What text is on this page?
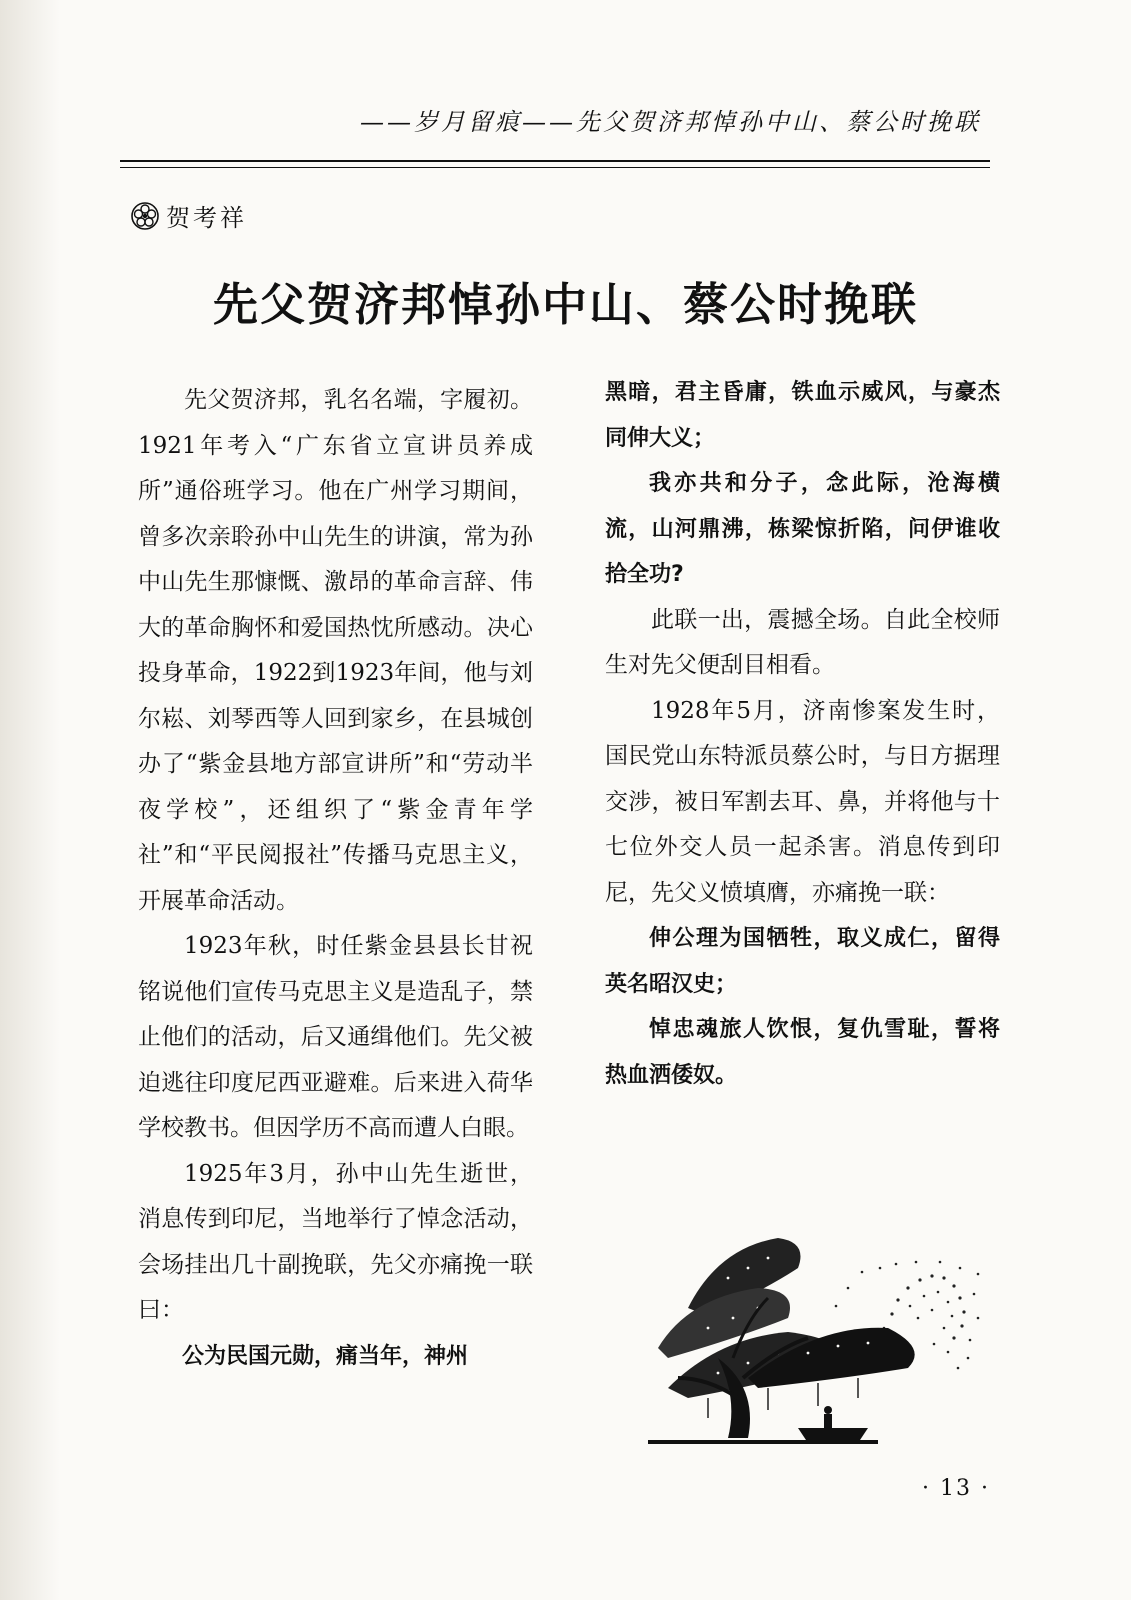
——岁月留痕——先父贺济邦悼孙中山、蔡公时挽联
贺考祥
先父贺济邦悼孙中山、蔡公时挽联

先父贺济邦，乳名名端，字履初。1921年考入“广东省立宣讲员养成所”通俗班学习。他在广州学习期间，曾多次亲聆孙中山先生的讲演，常为孙中山先生那慷慨、激昂的革命言辞、伟大的革命胸怀和爱国热忱所感动。决心投身革命，1922到1923年间，他与刘尔崧、刘琴西等人回到家乡，在县城创办了“紫金县地方部宣讲所”和“劳动半夜学校”，还组织了“紫金青年学社”和“平民阅报社”传播马克思主义，开展革命活动。

1923年秋，时任紫金县县长甘祝铭说他们宣传马克思主义是造乱子，禁止他们的活动，后又通缉他们。先父被迫逃往印度尼西亚避难。后来进入荷华学校教书。但因学历不高而遭人白眼。

1925年3月，孙中山先生逝世，消息传到印尼，当地举行了悼念活动，会场挂出几十副挽联，先父亦痛挽一联曰：

公为民国元勋，痛当年，神州

黑暗，君主昏庸，铁血示威风，与豪杰同伸大义；

我亦共和分子，念此际，沧海横流，山河鼎沸，栋梁惊折陷，问伊谁收拾全功?

此联一出，震撼全场。自此全校师生对先父便刮目相看。

1928年5月，济南惨案发生时，国民党山东特派员蔡公时，与日方据理交涉，被日军割去耳、鼻，并将他与十七位外交人员一起杀害。消息传到印尼，先父义愤填膺，亦痛挽一联：

伸公理为国牺牲，取义成仁，留得英名昭汉史；

悼忠魂旅人饮恨，复仇雪耻，誓将热血洒倭奴。

· 13 ·
